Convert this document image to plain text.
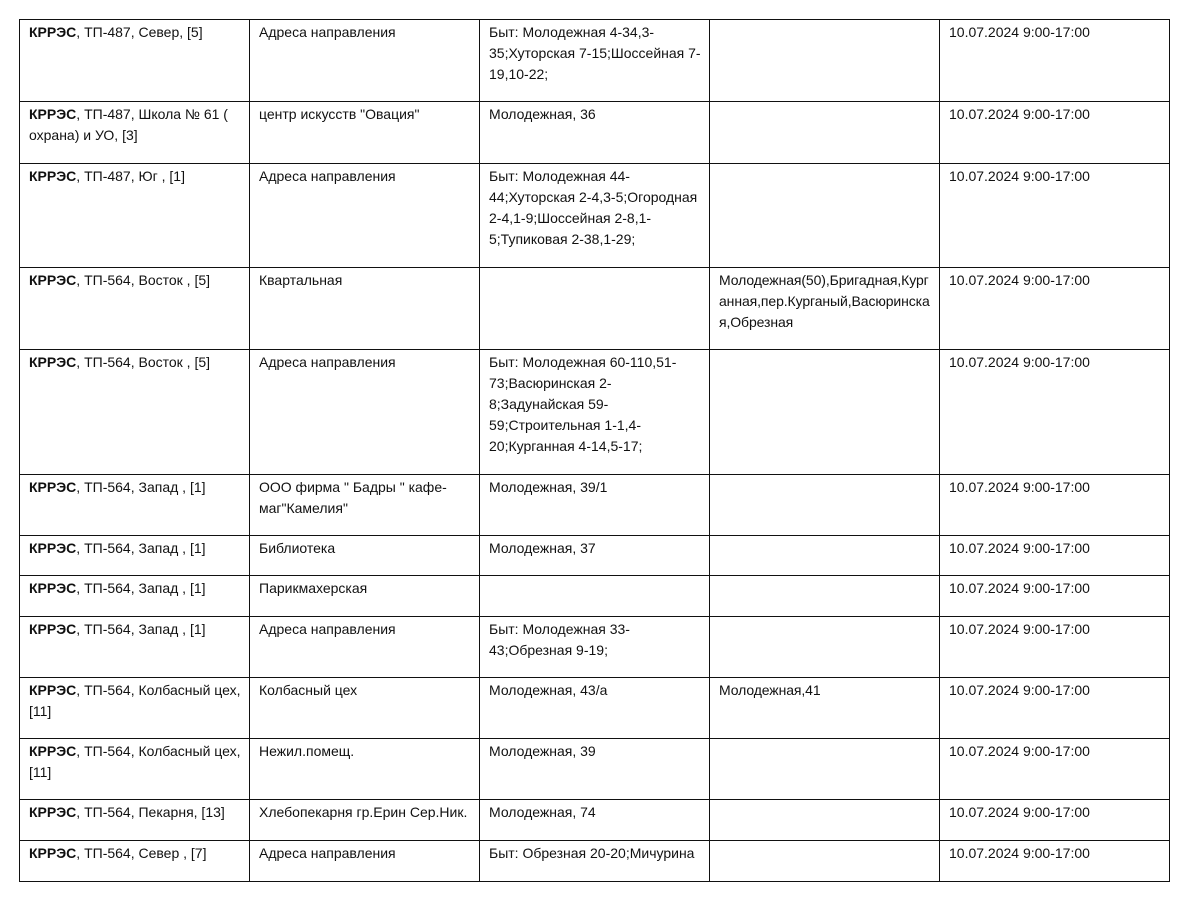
КРРЭС, ТП-487, Север, [5]	Адреса направления	Быт: Молодежная 4-34,3-35;Хуторская 7-15;Шоссейная 7-19,10-22;		10.07.2024 9:00-17:00
КРРЭС, ТП-487, Школа № 61 ( охрана) и УО, [3]	центр искусств "Овация"	Молодежная, 36		10.07.2024 9:00-17:00
КРРЭС, ТП-487, Юг , [1]	Адреса направления	Быт: Молодежная 44-44;Хуторская 2-4,3-5;Огородная 2-4,1-9;Шоссейная 2-8,1-5;Тупиковая 2-38,1-29;		10.07.2024 9:00-17:00
КРРЭС, ТП-564, Восток , [5]	Квартальная		Молодежная(50),Бригадная,Курганная,пер.Курганый,Васюринская,Обрезная	10.07.2024 9:00-17:00
КРРЭС, ТП-564, Восток , [5]	Адреса направления	Быт: Молодежная 60-110,51-73;Васюринская 2-8;Задунайская 59-59;Строительная 1-1,4-20;Курганная 4-14,5-17;		10.07.2024 9:00-17:00
КРРЭС, ТП-564, Запад , [1]	ООО фирма " Бадры " кафе-маг"Камелия"	Молодежная, 39/1		10.07.2024 9:00-17:00
КРРЭС, ТП-564, Запад , [1]	Библиотека	Молодежная, 37		10.07.2024 9:00-17:00
КРРЭС, ТП-564, Запад , [1]	Парикмахерская			10.07.2024 9:00-17:00
КРРЭС, ТП-564, Запад , [1]	Адреса направления	Быт: Молодежная 33-43;Обрезная 9-19;		10.07.2024 9:00-17:00
КРРЭС, ТП-564, Колбасный цех, [11]	Колбасный цех	Молодежная, 43/а	Молодежная,41	10.07.2024 9:00-17:00
КРРЭС, ТП-564, Колбасный цех, [11]	Нежил.помещ.	Молодежная, 39		10.07.2024 9:00-17:00
КРРЭС, ТП-564, Пекарня, [13]	Хлебопекарня гр.Ерин Сер.Ник.	Молодежная, 74		10.07.2024 9:00-17:00
КРРЭС, ТП-564, Север , [7]	Адреса направления	Быт: Обрезная 20-20;Мичурина		10.07.2024 9:00-17:00
